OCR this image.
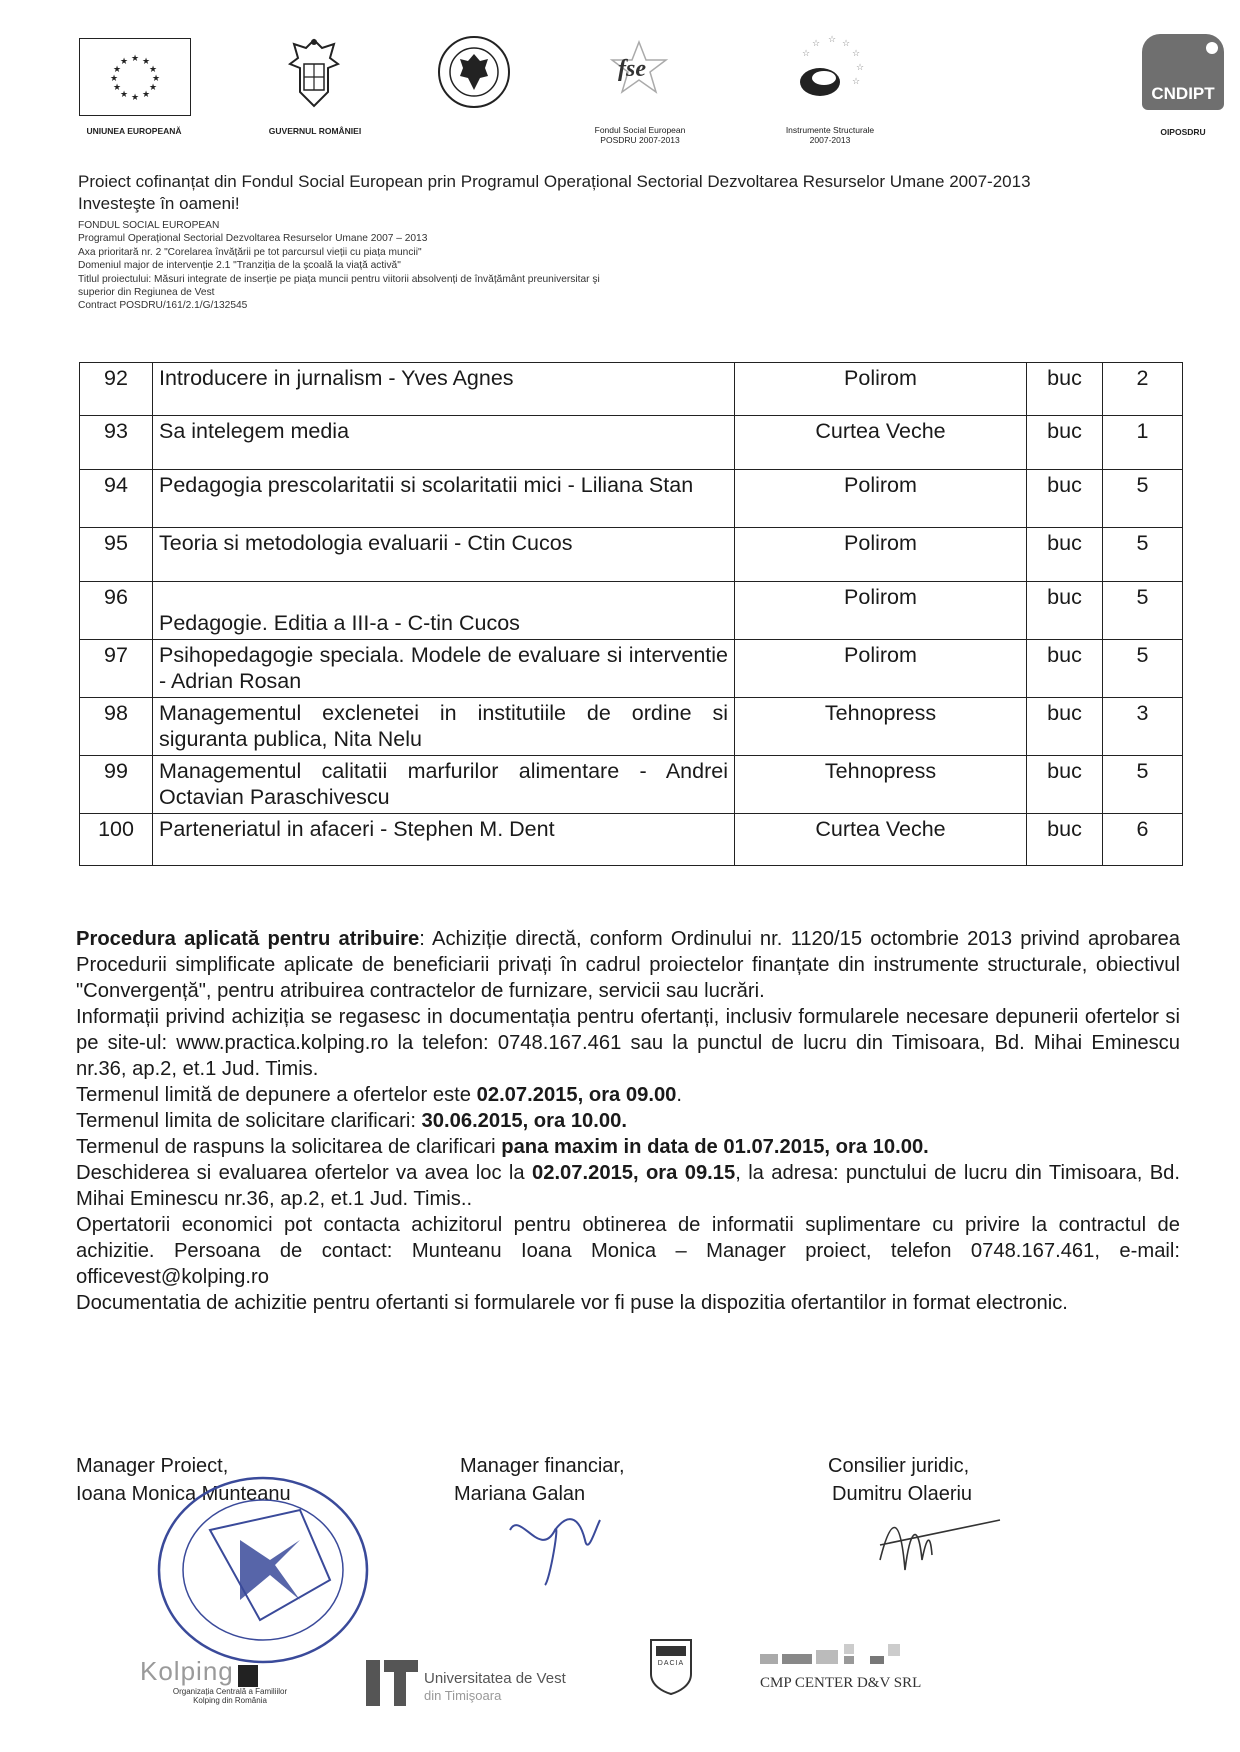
★ ★
★
★
★
★
★
★
★
★
★
★
UNIUNEA EUROPEANĂ	GUVERNUL ROMÂNIEI
fse
Fondul Social European
POSDRU 2007-2013
☆ ☆
☆
☆
☆
☆
☆
Instrumente Structurale
2007-2013
CNDIPT
OIPOSDRU
Proiect cofinanțat din Fondul Social European prin Programul Operațional Sectorial Dezvoltarea Resurselor Umane 2007-2013
Investeşte în oameni!
FONDUL SOCIAL EUROPEAN
Programul Operațional Sectorial Dezvoltarea Resurselor Umane 2007 – 2013
Axa prioritară nr. 2 "Corelarea învățării pe tot parcursul vieții cu piața muncii"
Domeniul major de intervenție 2.1 "Tranziția de la şcoală la viață activă"
Titlul proiectului: Măsuri integrate de inserție pe piața muncii pentru viitorii absolvenți de învățământ preuniversitar şi
superior din Regiunea de Vest
Contract POSDRU/161/2.1/G/132545
92	Introducere in jurnalism - Yves Agnes	Polirom	buc	2
93	Sa intelegem media	Curtea Veche	buc	1
94	Pedagogia prescolaritatii si scolaritatii mici - Liliana Stan	Polirom	buc	5
95	Teoria si metodologia evaluarii - Ctin Cucos	Polirom	buc	5
96	Pedagogie. Editia a III-a - C-tin Cucos	Polirom	buc	5
97	Psihopedagogie speciala. Modele de evaluare si interventie - Adrian Rosan	Polirom	buc	5
98	Managementul exclenetei in institutiile de ordine si siguranta publica, Nita Nelu	Tehnopress	buc	3
99	Managementul calitatii marfurilor alimentare - Andrei Octavian Paraschivescu	Tehnopress	buc	5
100	Parteneriatul in afaceri - Stephen M. Dent	Curtea Veche	buc	6

Procedura aplicată pentru atribuire: Achiziție directă, conform Ordinului nr. 1120/15 octombrie 2013 privind aprobarea Procedurii simplificate aplicate de beneficiarii privați în cadrul proiectelor finanțate din instrumente structurale, obiectivul "Convergență", pentru atribuirea contractelor de furnizare, servicii sau lucrări.

Informații privind achiziția se regasesc in documentația pentru ofertanți, inclusiv formularele necesare depunerii ofertelor si pe site-ul: www.practica.kolping.ro la telefon: 0748.167.461 sau la punctul de lucru din Timisoara, Bd. Mihai Eminescu nr.36, ap.2, et.1 Jud. Timis.

Termenul limită de depunere a ofertelor este 02.07.2015, ora 09.00.

Termenul limita de solicitare clarificari: 30.06.2015, ora 10.00.

Termenul de raspuns la solicitarea de clarificari pana maxim in data de 01.07.2015, ora 10.00.

Deschiderea si evaluarea ofertelor va avea loc la 02.07.2015, ora 09.15, la adresa: punctului de lucru din Timisoara, Bd. Mihai Eminescu nr.36, ap.2, et.1 Jud. Timis..

Opertatorii economici pot contacta achizitorul pentru obtinerea de informatii suplimentare cu privire la contractul de achizitie. Persoana de contact: Munteanu Ioana Monica – Manager proiect, telefon 0748.167.461, e-mail: officevest@kolping.ro

Documentatia de achizitie pentru ofertanti si formularele vor fi puse la dispozitia ofertantilor in format electronic.

Manager Proiect,
Ioana Monica Munteanu
Manager financiar,
Mariana Galan
Consilier juridic,
Dumitru Olaeriu
Kolping
Organizația Centrală a Familiilor
Kolping din România
Universitatea de Vest
din Timişoara
DACIA
CMP CENTER D&V SRL
